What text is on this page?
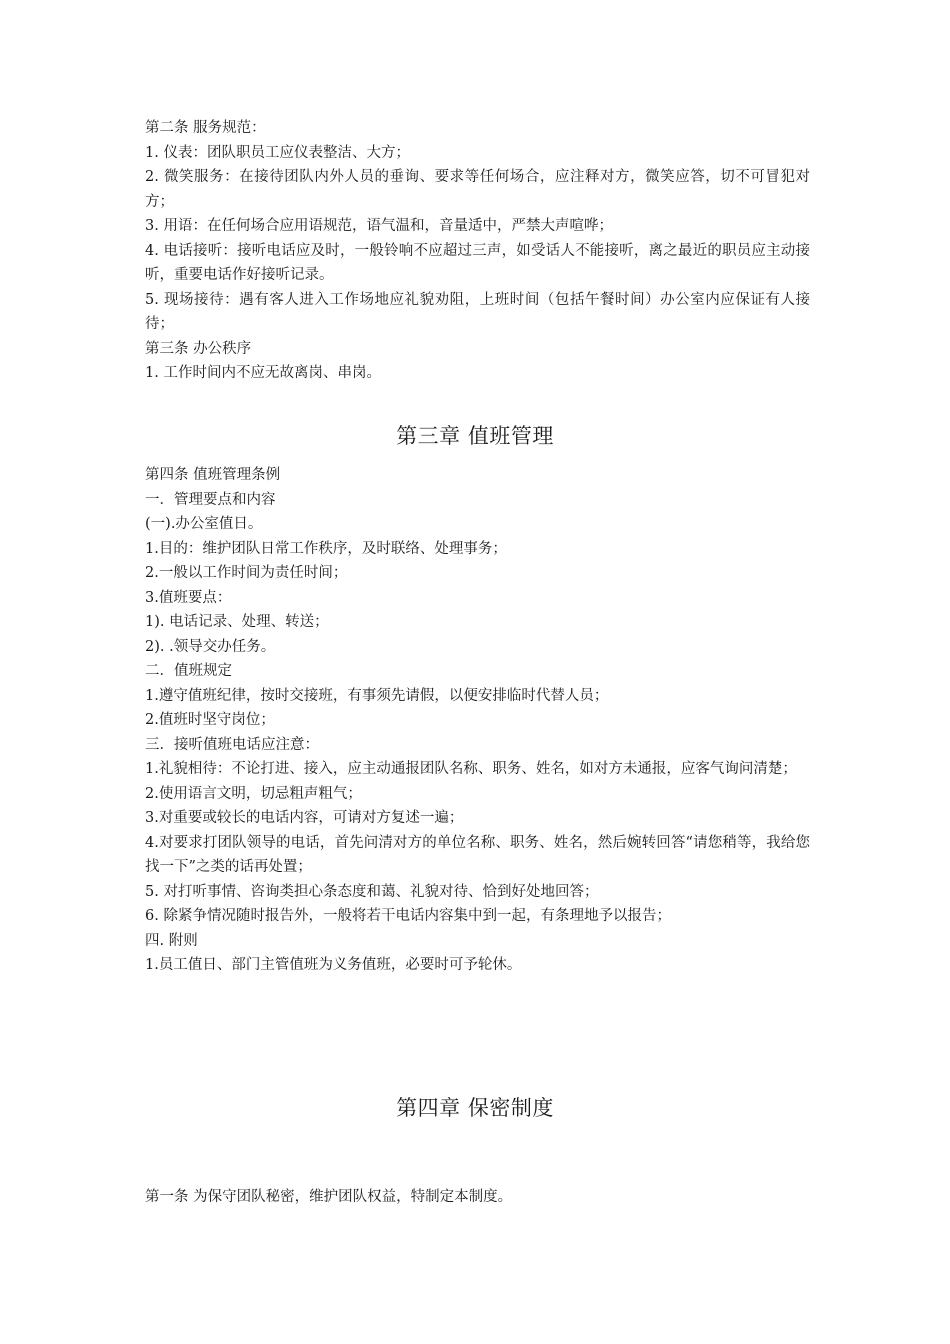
第二条 服务规范：

1. 仪表：团队职员工应仪表整洁、大方；

2. 微笑服务：在接待团队内外人员的垂询、要求等任何场合，应注释对方，微笑应答，切不可冒犯对方；

3. 用语：在任何场合应用语规范，语气温和，音量适中，严禁大声喧哗；

4. 电话接听：接听电话应及时，一般铃响不应超过三声，如受话人不能接听，离之最近的职员应主动接听，重要电话作好接听记录。

5. 现场接待：遇有客人进入工作场地应礼貌劝阻，上班时间（包括午餐时间）办公室内应保证有人接待；

第三条 办公秩序

1. 工作时间内不应无故离岗、串岗。

第三章 值班管理

第四条 值班管理条例

一．管理要点和内容

(一).办公室值日。

1.目的：维护团队日常工作秩序，及时联络、处理事务；

2.一般以工作时间为责任时间；

3.值班要点：

1). 电话记录、处理、转送；

2). .领导交办任务。

二．值班规定

1.遵守值班纪律，按时交接班，有事须先请假，以便安排临时代替人员；

2.值班时坚守岗位；

三．接听值班电话应注意：

1.礼貌相待：不论打进、接入，应主动通报团队名称、职务、姓名，如对方未通报，应客气询问清楚；

2.使用语言文明，切忌粗声粗气；

3.对重要或较长的电话内容，可请对方复述一遍；

4.对要求打团队领导的电话，首先问清对方的单位名称、职务、姓名，然后婉转回答“请您稍等，我给您找一下”之类的话再处置；

5. 对打听事情、咨询类担心条态度和蔼、礼貌对待、恰到好处地回答；

6. 除紧争情况随时报告外，一般将若干电话内容集中到一起，有条理地予以报告；

四. 附则

1.员工值日、部门主管值班为义务值班，必要时可予轮休。

第四章 保密制度

第一条 为保守团队秘密，维护团队权益，特制定本制度。
